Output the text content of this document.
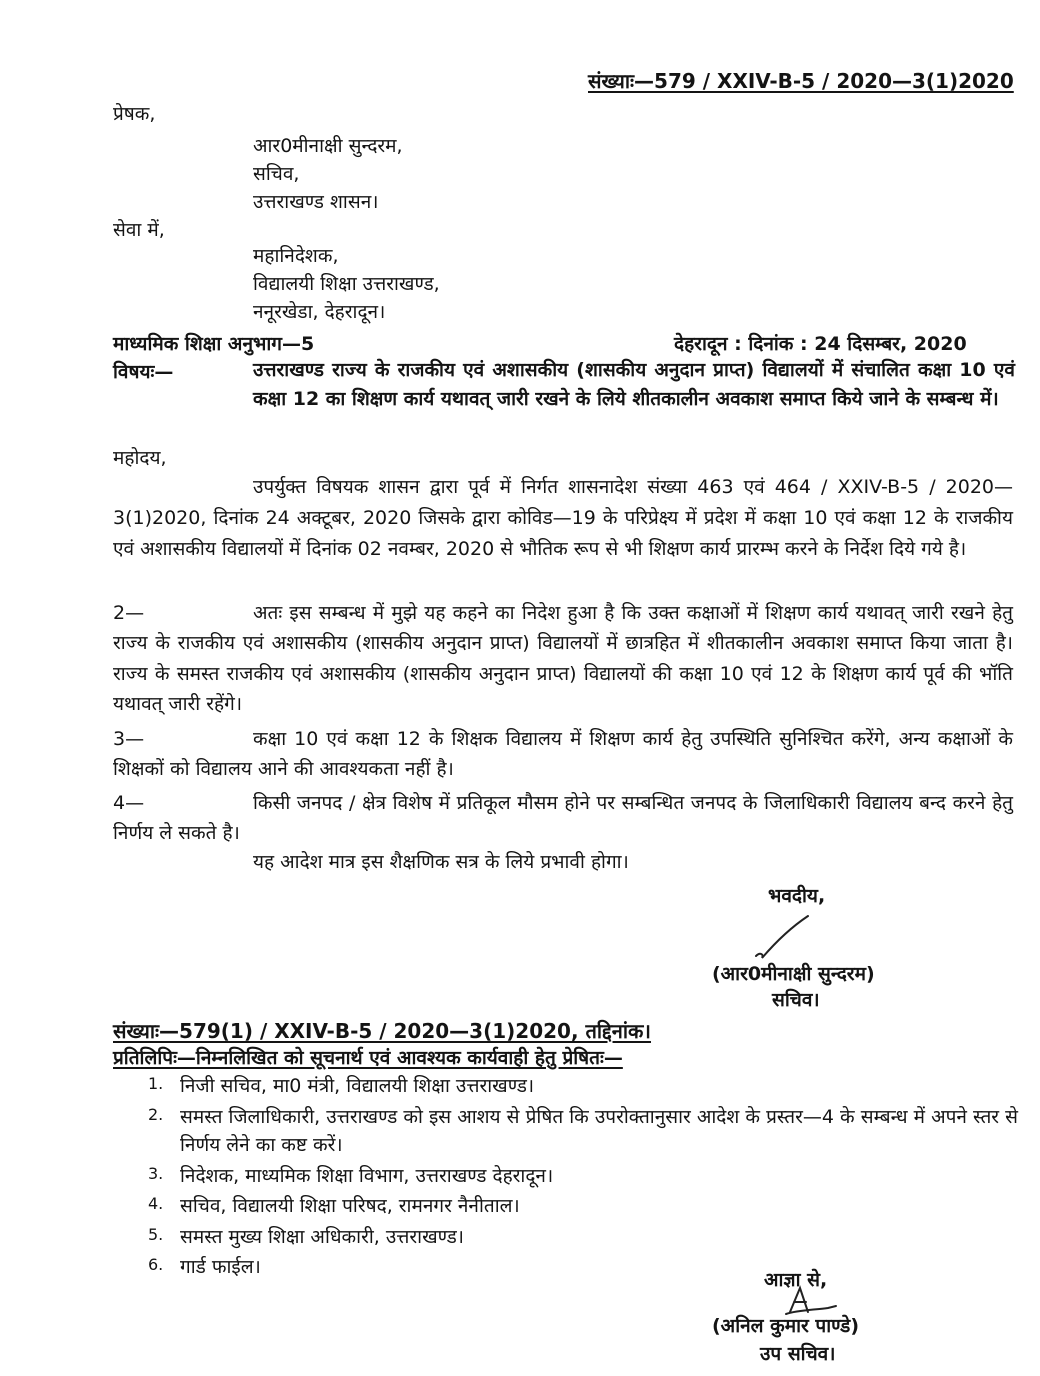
संख्याः—579 / XXIV-B-5 / 2020—3(1)2020
प्रेषक,
आर0मीनाक्षी सुन्दरम,
सचिव,
उत्तराखण्ड शासन।
सेवा में,
महानिदेशक,
विद्यालयी शिक्षा उत्तराखण्ड,
ननूरखेडा, देहरादून।
माध्यमिक शिक्षा अनुभाग—5	देहरादून : दिनांक : 24 दिसम्बर, 2020
विषयः—	उत्तराखण्ड राज्य के राजकीय एवं अशासकीय (शासकीय अनुदान प्राप्त) विद्यालयों में संचालित कक्षा 10 एवं कक्षा 12 का शिक्षण कार्य यथावत् जारी रखने के लिये शीतकालीन अवकाश समाप्त किये जाने के सम्बन्ध में।
महोदय,
उपर्युक्त विषयक शासन द्वारा पूर्व में निर्गत शासनादेश संख्या 463 एवं 464 / XXIV-B-5 / 2020—3(1)2020, दिनांक 24 अक्टूबर, 2020 जिसके द्वारा कोविड—19 के परिप्रेक्ष्य में प्रदेश में कक्षा 10 एवं कक्षा 12 के राजकीय एवं अशासकीय विद्यालयों में दिनांक 02 नवम्बर, 2020 से भौतिक रूप से भी शिक्षण कार्य प्रारम्भ करने के निर्देश दिये गये है।
2—	अतः इस सम्बन्ध में मुझे यह कहने का निदेश हुआ है कि उक्त कक्षाओं में शिक्षण कार्य यथावत् जारी रखने हेतु राज्य के राजकीय एवं अशासकीय (शासकीय अनुदान प्राप्त) विद्यालयों में छात्रहित में शीतकालीन अवकाश समाप्त किया जाता है। राज्य के समस्त राजकीय एवं अशासकीय (शासकीय अनुदान प्राप्त) विद्यालयों की कक्षा 10 एवं 12 के शिक्षण कार्य पूर्व की भॉति यथावत् जारी रहेंगे।
3—	कक्षा 10 एवं कक्षा 12 के शिक्षक विद्यालय में शिक्षण कार्य हेतु उपस्थिति सुनिश्चित करेंगे, अन्य कक्षाओं के शिक्षकों को विद्यालय आने की आवश्यकता नहीं है।
4—	किसी जनपद / क्षेत्र विशेष में प्रतिकूल मौसम होने पर सम्बन्धित जनपद के जिलाधिकारी विद्यालय बन्द करने हेतु निर्णय ले सकते है।
यह आदेश मात्र इस शैक्षणिक सत्र के लिये प्रभावी होगा।
भवदीय,
(आर0मीनाक्षी सुन्दरम)
सचिव।
संख्याः—579(1) / XXIV-B-5 / 2020—3(1)2020, तद्दिनांक।
प्रतिलिपिः—निम्नलिखित को सूचनार्थ एवं आवश्यक कार्यवाही हेतु प्रेषितः—
1. निजी सचिव, मा0 मंत्री, विद्यालयी शिक्षा उत्तराखण्ड।
2. समस्त जिलाधिकारी, उत्तराखण्ड को इस आशय से प्रेषित कि उपरोक्तानुसार आदेश के प्रस्तर—4 के सम्बन्ध में अपने स्तर से निर्णय लेने का कष्ट करें।
3. निदेशक, माध्यमिक शिक्षा विभाग, उत्तराखण्ड देहरादून।
4. सचिव, विद्यालयी शिक्षा परिषद, रामनगर नैनीताल।
5. समस्त मुख्य शिक्षा अधिकारी, उत्तराखण्ड।
6. गार्ड फाईल।
आज्ञा से,
(अनिल कुमार पाण्डे)
उप सचिव।
